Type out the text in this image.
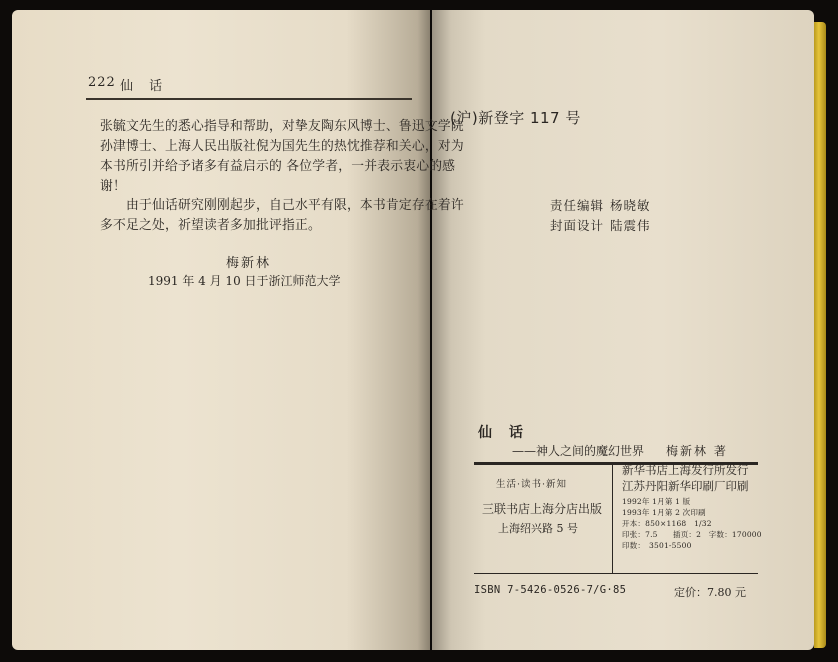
222 仙 话
张毓文先生的悉心指导和帮助，对挚友陶东风博士、鲁迅文学院
孙津博士、上海人民出版社倪为国先生的热忱推荐和关心，对为
本书所引并给予诸多有益启示的 各位学者，一并表示衷心的感
谢！
　　由于仙话研究刚刚起步，自己水平有限，本书肯定存在着许
多不足之处，祈望读者多加批评指正。
梅新林
1991 年 4 月 10 日于浙江师范大学
(沪)新登字 117 号
责任编辑 杨晓敏
封面设计 陆震伟
仙 话
——神人之间的魔幻世界 梅新林 著
生活·读书·新知
三联书店上海分店出版
上海绍兴路 5 号
新华书店上海发行所发行
江苏丹阳新华印刷厂印刷
1992年 1月第 1 版
1993年 1月第 2 次印刷
开本：850×1168　1/32
印张：7.5　　插页：2　字数：170000
印数：　3501-5500
ISBN 7-5426-0526-7/G·85	定价：7.80 元
